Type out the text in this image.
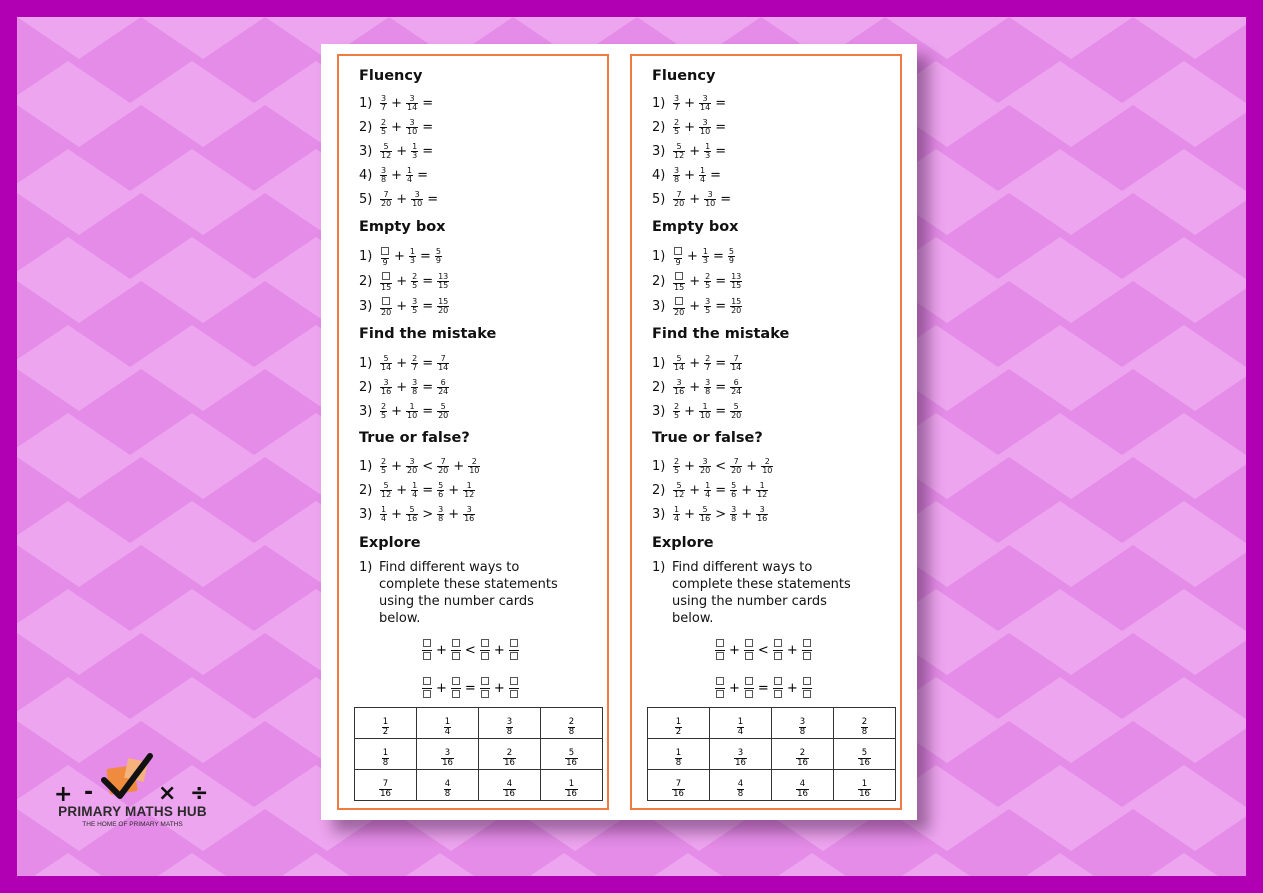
Fluency
1)	3
$7 + \frac{3}{14}$ =
2)	2
$5 + \frac{3}{10}$ =
3)	5
$12 + \frac{1}{3}$ =
4)	3
$8 + \frac{1}{4}$ =
5)	7
$20 + \frac{3}{10}$ =
Empty box
1)	$9 + \frac{1}{3} = \frac{5}{9}$
2)	$15 + \frac{2}{5} = \frac{13}{15}$
3)	$20 + \frac{3}{5} = \frac{15}{20}$
Find the mistake
1)	5
$14 + \frac{2}{7} = \frac{7}{14}$
2)	3
$16 + \frac{3}{8} = \frac{6}{24}$
3)	2
$5 + \frac{1}{10} = \frac{5}{20}$
True or false?
1)	2
$5 + \frac{3}{20} < 7$
$20 + \frac{2}{10}$
2)	5
$12 + \frac{1}{4} = \frac{5}{6} + \frac{1}{12}$
3)	1
$4 + \frac{5}{16} > 3$
$8 + \frac{3}{16}$
Explore
1) Find different ways to
complete these statements
using the number cards
below.
+ < +
+ = +
$\frac{1}{2}$	$\frac{1}{4}$	$\frac{3}{8}$	$\frac{2}{8}$

$\frac{1}{8}$	$\frac{3}{16}$	$\frac{2}{16}$	$\frac{5}{16}$

$\frac{7}{16}$	$\frac{4}{8}$	$\frac{4}{16}$	$\frac{1}{16}$
Fluency
1)	3
$7 + \frac{3}{14}$ =
2)	2
$5 + \frac{3}{10}$ =
3)	5
$12 + \frac{1}{3}$ =
4)	3
$8 + \frac{1}{4}$ =
5)	7
$20 + \frac{3}{10}$ =
Empty box
1)	$9 + \frac{1}{3} = \frac{5}{9}$
2)	$15 + \frac{2}{5} = \frac{13}{15}$
3)	$20 + \frac{3}{5} = \frac{15}{20}$
Find the mistake
1)	5
$14 + \frac{2}{7} = \frac{7}{14}$
2)	3
$16 + \frac{3}{8} = \frac{6}{24}$
3)	2
$5 + \frac{1}{10} = \frac{5}{20}$
True or false?
1)	2
$5 + \frac{3}{20} < 7$
$20 + \frac{2}{10}$
2)	5
$12 + \frac{1}{4} = \frac{5}{6} + \frac{1}{12}$
3)	1
$4 + \frac{5}{16} > 3$
$8 + \frac{3}{16}$
Explore
1) Find different ways to
complete these statements
using the number cards
below.
+ < +
+ = +
$\frac{1}{2}$	$\frac{1}{4}$	$\frac{3}{8}$	$\frac{2}{8}$

$\frac{1}{8}$	$\frac{3}{16}$	$\frac{2}{16}$	$\frac{5}{16}$

$\frac{7}{16}$	$\frac{4}{8}$	$\frac{4}{16}$	$\frac{1}{16}$
+ -	× ÷
PRIMARY MATHS HUB
THE HOME OF PRIMARY MATHS
